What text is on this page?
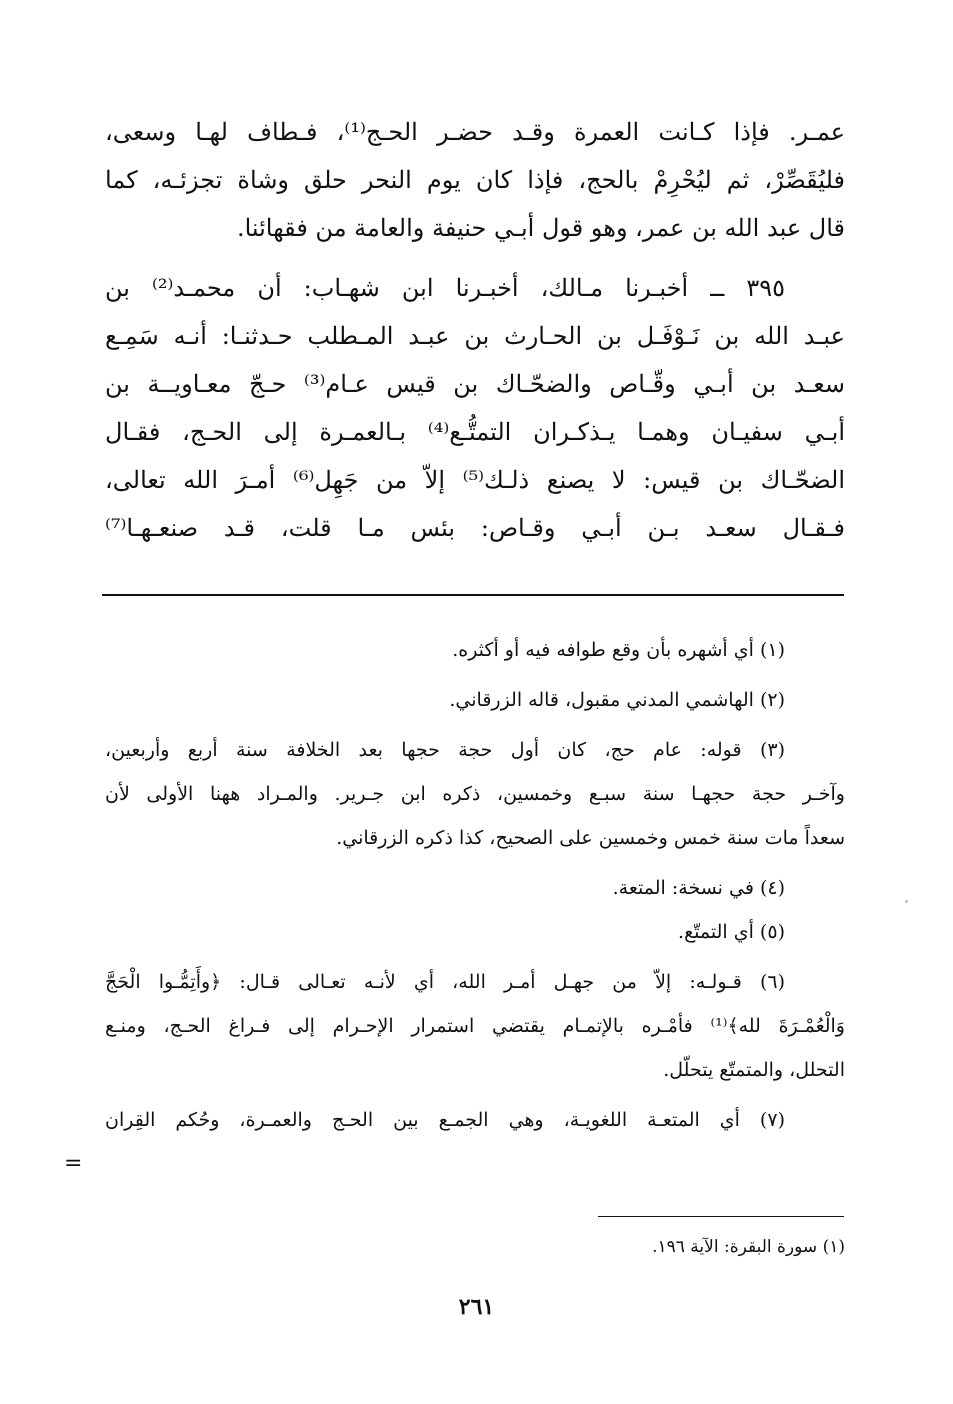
عمـر. فإذا كـانت العمرة وقـد حضـر الحـج⁽¹⁾، فـطاف لهـا وسعى،
فليُقَصِّرْ، ثم ليُحْرِمْ بالحج، فإذا كان يوم النحر حلق وشاة تجزئـه، كما
قال عبد الله بن عمر، وهو قول أبـي حنيفة والعامة من فقهائنا.
٣٩٥ ــ أخبـرنا مـالك، أخبـرنا ابن شهـاب: أن محمـد⁽²⁾ بن
عبـد الله بن نَـوْفَـل بن الحـارث بن عبـد المـطلب حـدثنـا: أنـه سَمِـع
سعـد بن أبـي وقّـاص والضحّـاك بن قيس عـام⁽³⁾ حـجّ معـاويــة بن
أبـي سفيـان وهمـا يـذكـران التمتُّـع⁽⁴⁾ بـالعمـرة إلى الحـج، فقـال
الضحّـاك بن قيس: لا يصنع ذلـك⁽⁵⁾ إلاّ من جَهِل⁽⁶⁾ أمـرَ الله تعالى،
فـقـال سعـد بـن أبـي وقـاص: بئس مـا قلت، قـد صنعـهـا⁽⁷⁾
(١) أي أشهره بأن وقع طوافه فيه أو أكثره.
(٢) الهاشمي المدني مقبول، قاله الزرقاني.
(٣) قوله: عام حج، كان أول حجة حجها بعد الخلافة سنة أربع وأربعين،
وآخـر حجة حجهـا سنة سبـع وخمسين، ذكره ابن جـرير. والمـراد ههنا الأولى لأن
سعداً مات سنة خمس وخمسين على الصحيح، كذا ذكره الزرقاني.
(٤) في نسخة: المتعة.
(٥) أي التمتّع.
(٦) قـولـه: إلاّ من جهـل أمـر الله، أي لأنـه تعـالى قـال: ﴿وأَتِمُّـوا الْحَجَّ
وَالْعُمْـرَةَ لله﴾⁽¹⁾ فأمْـره بالإتمـام يقتضي استمرار الإحـرام إلى فـراغ الحـج، ومنـع
التحلل، والمتمتّع يتحلّل.
(٧) أي المتعـة اللغويـة، وهي الجمـع بين الحـج والعمـرة، وحُكم القِران
=
(١) سورة البقرة: الآية ١٩٦.
٢٦١
